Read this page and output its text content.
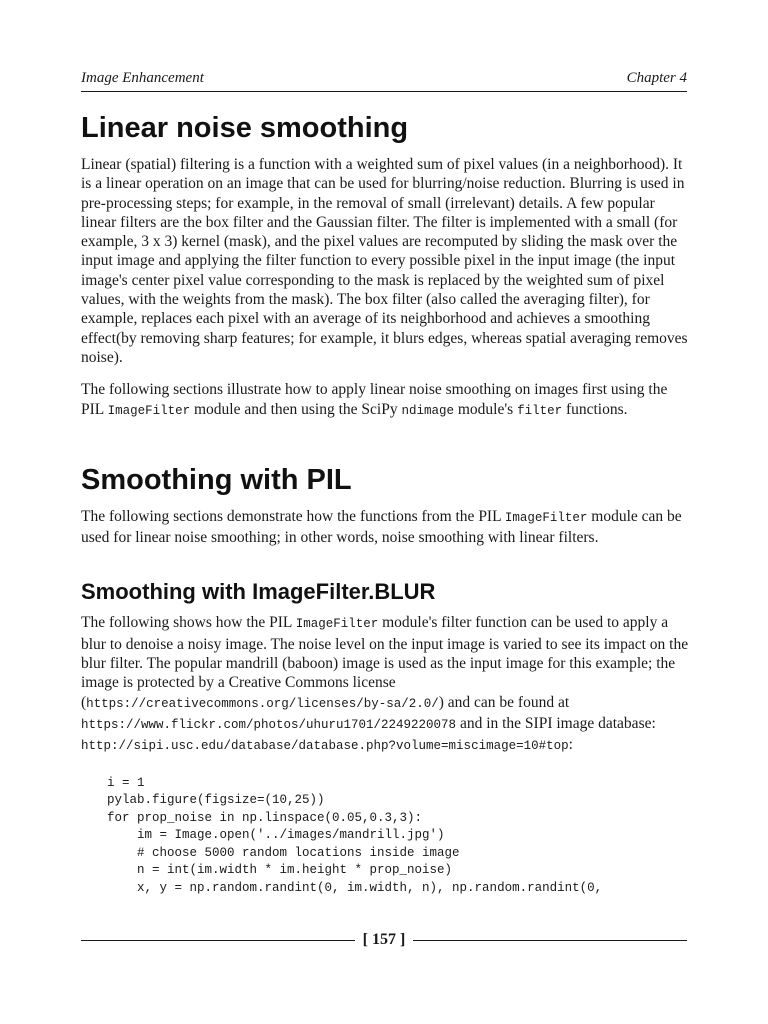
Image Enhancement	Chapter 4
Linear noise smoothing

Linear (spatial) filtering is a function with a weighted sum of pixel values (in a neighborhood). It is a linear operation on an image that can be used for blurring/noise reduction. Blurring is used in pre-processing steps; for example, in the removal of small (irrelevant) details. A few popular linear filters are the box filter and the Gaussian filter. The filter is implemented with a small (for example, 3 x 3) kernel (mask), and the pixel values are recomputed by sliding the mask over the input image and applying the filter function to every possible pixel in the input image (the input image's center pixel value corresponding to the mask is replaced by the weighted sum of pixel values, with the weights from the mask). The box filter (also called the averaging filter), for example, replaces each pixel with an average of its neighborhood and achieves a smoothing effect(by removing sharp features; for example, it blurs edges, whereas spatial averaging removes noise).

The following sections illustrate how to apply linear noise smoothing on images first using the PIL ImageFilter module and then using the SciPy ndimage module's filter functions.

Smoothing with PIL

The following sections demonstrate how the functions from the PIL ImageFilter module can be used for linear noise smoothing; in other words, noise smoothing with linear filters.

Smoothing with ImageFilter.BLUR

The following shows how the PIL ImageFilter module's filter function can be used to apply a blur to denoise a noisy image. The noise level on the input image is varied to see its impact on the blur filter. The popular mandrill (baboon) image is used as the input image for this example; the image is protected by a Creative Commons license (https://creativecommons.org/licenses/by-sa/2.0/) and can be found at https://www.flickr.com/photos/uhuru1701/2249220078 and in the SIPI image database: http://sipi.usc.edu/database/database.php?volume=miscimage=10#top:

i = 1
pylab.figure(figsize=(10,25))
for prop_noise in np.linspace(0.05,0.3,3):
im = Image.open('../images/mandrill.jpg')
# choose 5000 random locations inside image
n = int(im.width * im.height * prop_noise)
x, y = np.random.randint(0, im.width, n), np.random.randint(0,
[ 157 ]
